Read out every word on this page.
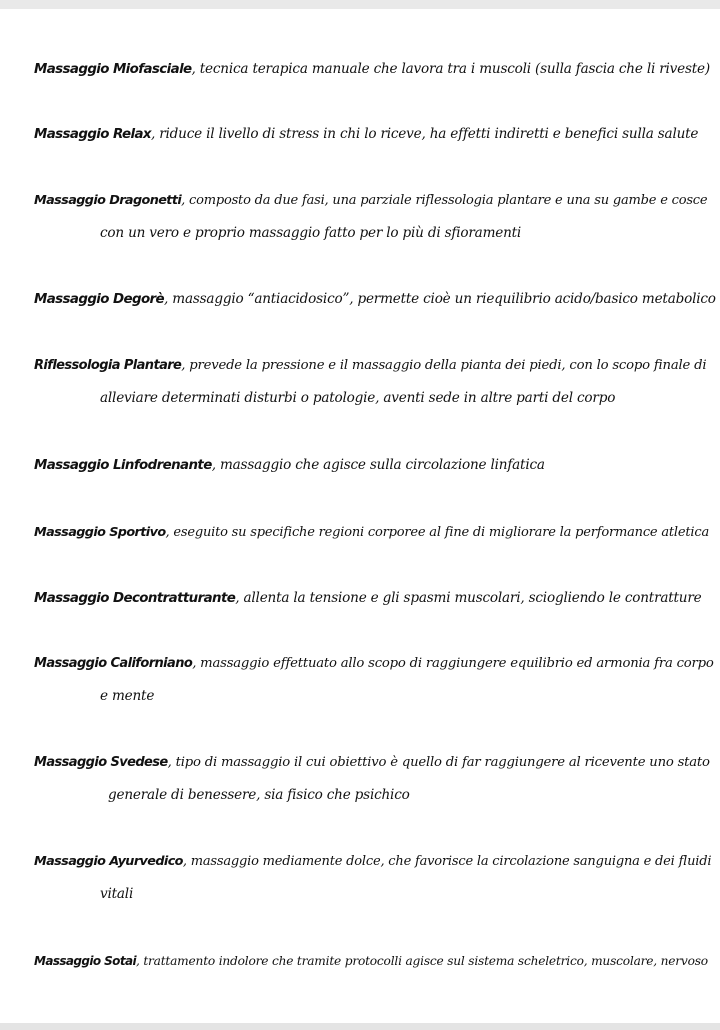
Massaggio Miofasciale, tecnica terapica manuale che lavora tra i muscoli (sulla fascia che li riveste)
Massaggio Relax, riduce il livello di stress in chi lo riceve, ha effetti indiretti e benefici sulla salute
Massaggio Dragonetti, composto da due fasi, una parziale riflessologia plantare e una su gambe e cosce
con un vero e proprio massaggio fatto per lo più di sfioramenti
Massaggio Degorè, massaggio “antiacidosico”, permette cioè un riequilibrio acido/basico metabolico
Riflessologia Plantare, prevede la pressione e il massaggio della pianta dei piedi, con lo scopo finale di
alleviare determinati disturbi o patologie, aventi sede in altre parti del corpo
Massaggio Linfodrenante, massaggio che agisce sulla circolazione linfatica
Massaggio Sportivo, eseguito su specifiche regioni corporee al fine di migliorare la performance atletica
Massaggio Decontratturante, allenta la tensione e gli spasmi muscolari, sciogliendo le contratture
Massaggio Californiano, massaggio effettuato allo scopo di raggiungere equilibrio ed armonia fra corpo
e mente
Massaggio Svedese, tipo di massaggio il cui obiettivo è quello di far raggiungere al ricevente uno stato
generale di benessere, sia fisico che psichico
Massaggio Ayurvedico, massaggio mediamente dolce, che favorisce la circolazione sanguigna e dei fluidi
vitali
Massaggio Sotai, trattamento indolore che tramite protocolli agisce sul sistema scheletrico, muscolare, nervoso
